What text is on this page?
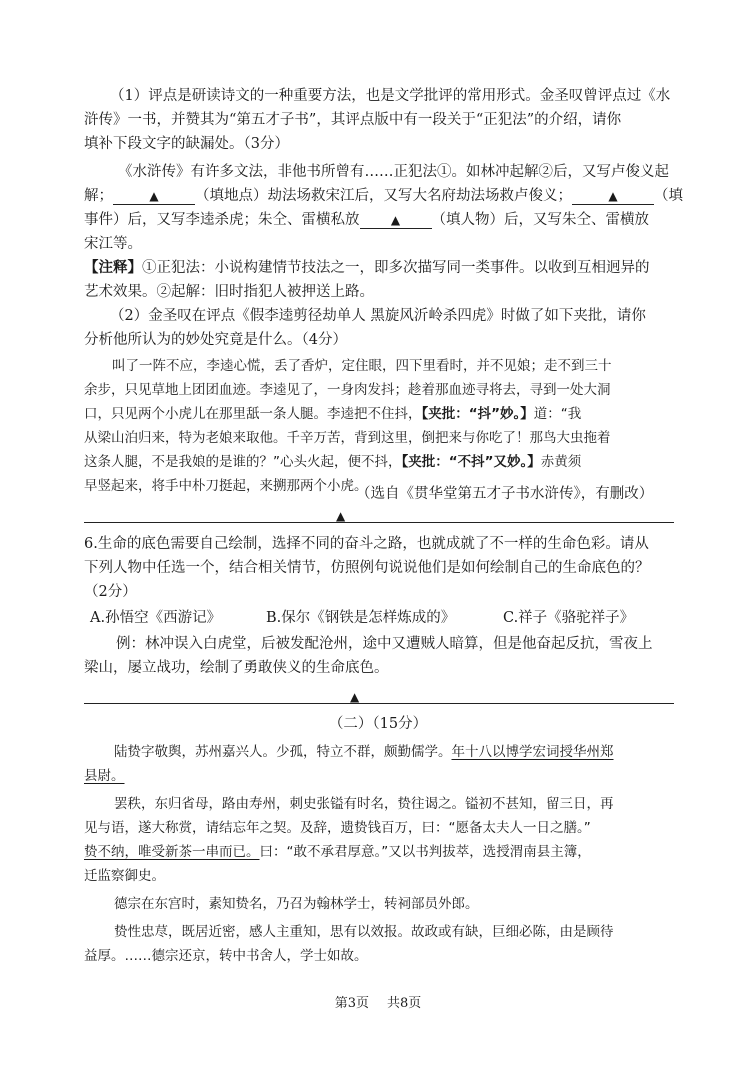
（1）评点是研读诗文的一种重要方法，也是文学批评的常用形式。金圣叹曾评点过《水

浒传》一书，并赞其为“第五才子书”，其评点版中有一段关于“正犯法”的介绍，请你

填补下段文字的缺漏处。（3分）

《水浒传》有许多文法，非他书所曾有……正犯法①。如林冲起解②后，又写卢俊义起

解；	▲	（填地点）劫法场救宋江后，又写大名府劫法场救卢俊义；	▲	（填

事件）后，又写李逵杀虎；朱仝、雷横私放	▲ （填人物）后，又写朱仝、雷横放

宋江等。

【注释】①正犯法：小说构建情节技法之一，即多次描写同一类事件。以收到互相迥异的

艺术效果。②起解：旧时指犯人被押送上路。

（2）金圣叹在评点《假李逵剪径劫单人 黑旋风沂岭杀四虎》时做了如下夹批，请你

分析他所认为的妙处究竟是什么。（4分）

叫了一阵不应，李逵心慌，丢了香炉，定住眼，四下里看时，并不见娘；走不到三十

余步，只见草地上团团血迹。李逵见了，一身肉发抖；趁着那血迹寻将去，寻到一处大洞

口，只见两个小虎儿在那里舐一条人腿。李逵把不住抖，【夹批：“抖”妙。】道：“我

从梁山泊归来，特为老娘来取他。千辛万苦，背到这里，倒把来与你吃了！那鸟大虫拖着

这条人腿，不是我娘的是谁的？”心头火起，便不抖，【夹批：“不抖”又妙。】赤黄须

早竖起来，将手中朴刀挺起，来搠那两个小虎。

（选自《贯华堂第五才子书水浒传》，有删改）

▲

6.生命的底色需要自己绘制，选择不同的奋斗之路，也就成就了不一样的生命色彩。请从

下列人物中任选一个，结合相关情节，仿照例句说说他们是如何绘制自己的生命底色的？

（2分）

A.孙悟空《西游记》	B.保尔《钢铁是怎样炼成的》	C.祥子《骆驼祥子》

例：林冲误入白虎堂，后被发配沧州，途中又遭贼人暗算，但是他奋起反抗，雪夜上

梁山，屡立战功，绘制了勇敢侠义的生命底色。

▲

（二）（15分）

陆贽字敬舆，苏州嘉兴人。少孤，特立不群，颇勤儒学。年十八以博学宏词授华州郑

县尉。

罢秩，东归省母，路由寿州，刺史张镒有时名，贽往谒之。镒初不甚知，留三日，再

见与语，遂大称赏，请结忘年之契。及辞，遗贽钱百万，曰：“愿备太夫人一日之膳。”

贽不纳，唯受新茶一串而已。曰：“敢不承君厚意。”又以书判拔萃，选授渭南县主簿，

迁监察御史。

德宗在东宫时，素知贽名，乃召为翰林学士，转祠部员外郎。

贽性忠荩，既居近密，感人主重知，思有以效报。故政或有缺，巨细必陈，由是顾待

益厚。……德宗还京，转中书舍人，学士如故。

第3页 共8页
